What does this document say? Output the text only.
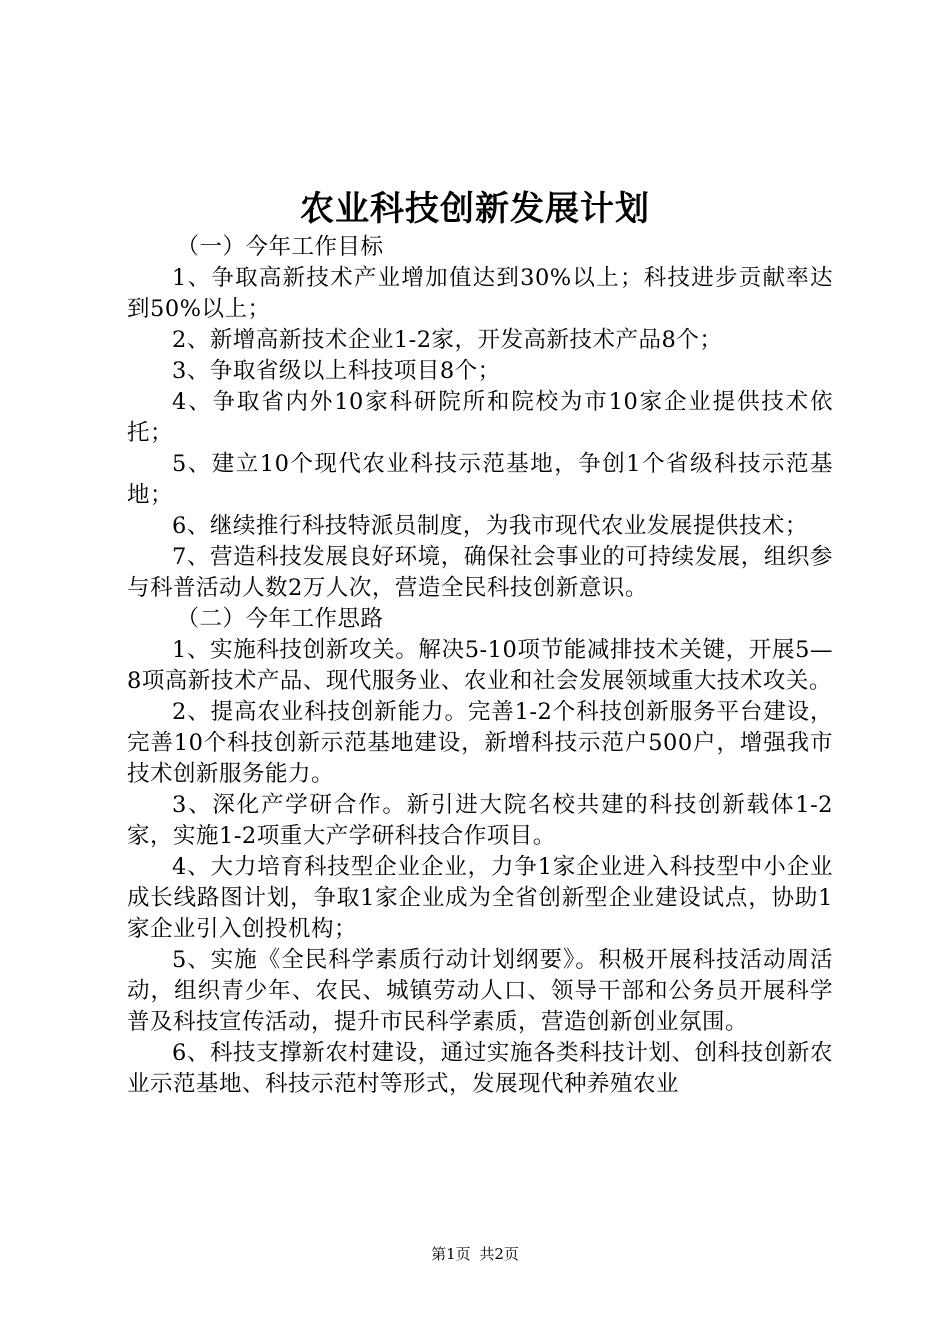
农业科技创新发展计划

（一）今年工作目标

1、争取高新技术产业增加值达到30%以上；科技进步贡献率达到50%以上；

2、新增高新技术企业1-2家，开发高新技术产品8个；

3、争取省级以上科技项目8个；

4、争取省内外10家科研院所和院校为市10家企业提供技术依托；

5、建立10个现代农业科技示范基地，争创1个省级科技示范基地；

6、继续推行科技特派员制度，为我市现代农业发展提供技术；

7、营造科技发展良好环境，确保社会事业的可持续发展，组织参与科普活动人数2万人次，营造全民科技创新意识。

（二）今年工作思路

1、实施科技创新攻关。解决5-10项节能减排技术关键，开展5—8项高新技术产品、现代服务业、农业和社会发展领域重大技术攻关。

2、提高农业科技创新能力。完善1-2个科技创新服务平台建设，完善10个科技创新示范基地建设，新增科技示范户500户，增强我市技术创新服务能力。

3、深化产学研合作。新引进大院名校共建的科技创新载体1-2家，实施1-2项重大产学研科技合作项目。

4、大力培育科技型企业企业，力争1家企业进入科技型中小企业成长线路图计划，争取1家企业成为全省创新型企业建设试点，协助1家企业引入创投机构；

5、实施《全民科学素质行动计划纲要》。积极开展科技活动周活动，组织青少年、农民、城镇劳动人口、领导干部和公务员开展科学普及科技宣传活动，提升市民科学素质，营造创新创业氛围。

6、科技支撑新农村建设，通过实施各类科技计划、创科技创新农业示范基地、科技示范村等形式，发展现代种养殖农业

第1页 共2页
